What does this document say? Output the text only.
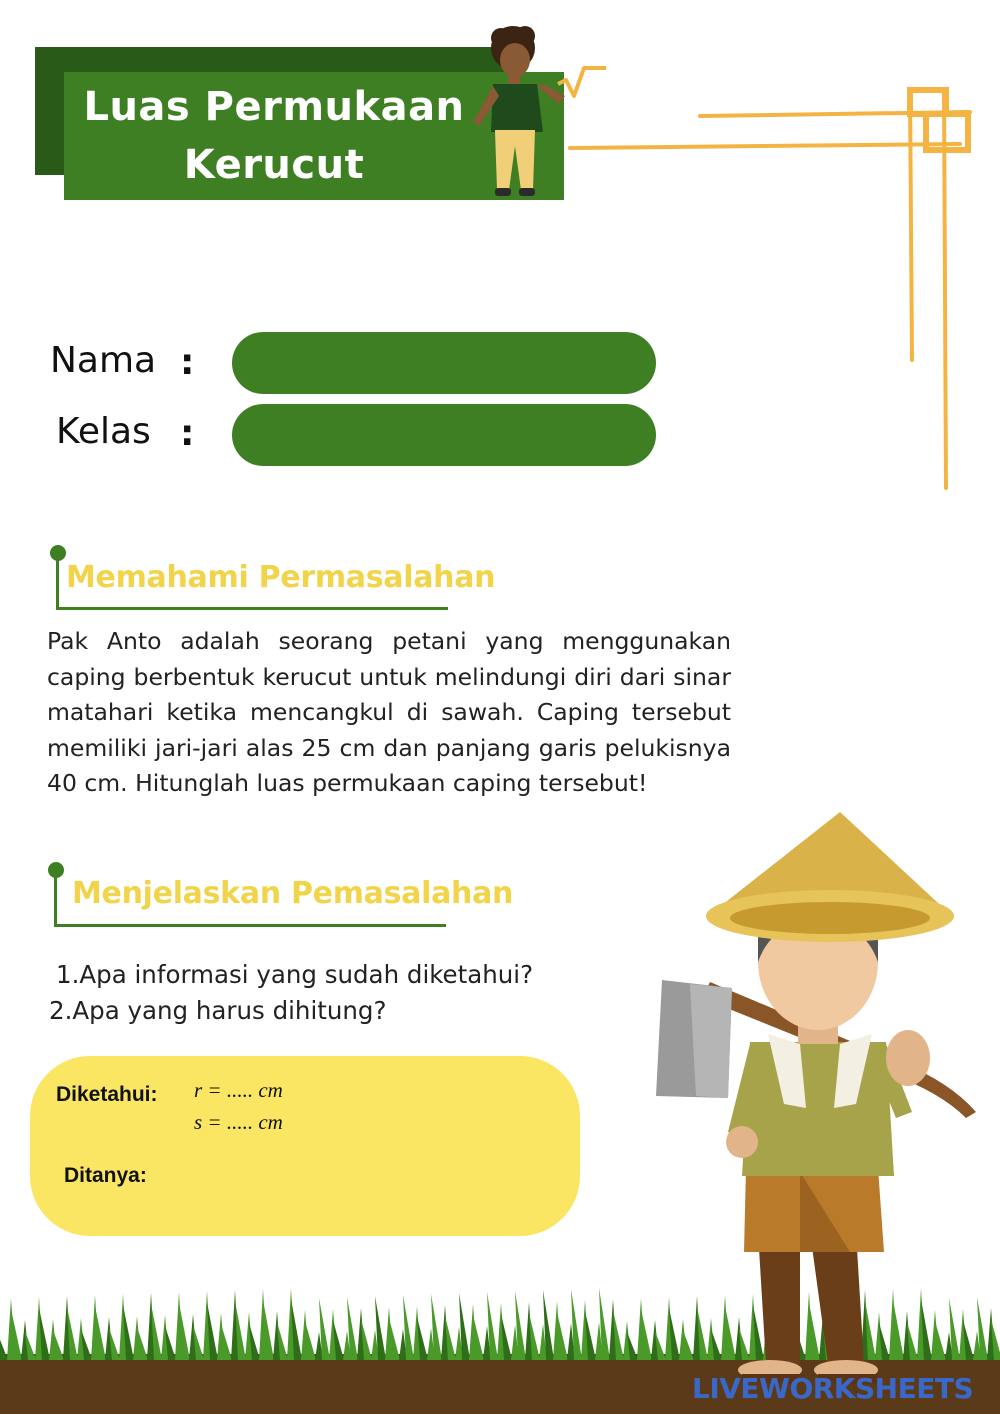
Luas Permukaan
Kerucut
Nama :
Kelas :
Memahami Permasalahan
Pak Anto adalah seorang petani yang menggunakan caping berbentuk kerucut untuk melindungi diri dari sinar matahari ketika mencangkul di sawah. Caping tersebut memiliki jari-jari alas 25 cm dan panjang garis pelukisnya 40 cm. Hitunglah luas permukaan caping tersebut!
Menjelaskan Pemasalahan
1.Apa informasi yang sudah diketahui?
2.Apa yang harus dihitung?
Diketahui: r = ..... cm
s = ..... cm
Ditanya:
LIVEWORKSHEETS
